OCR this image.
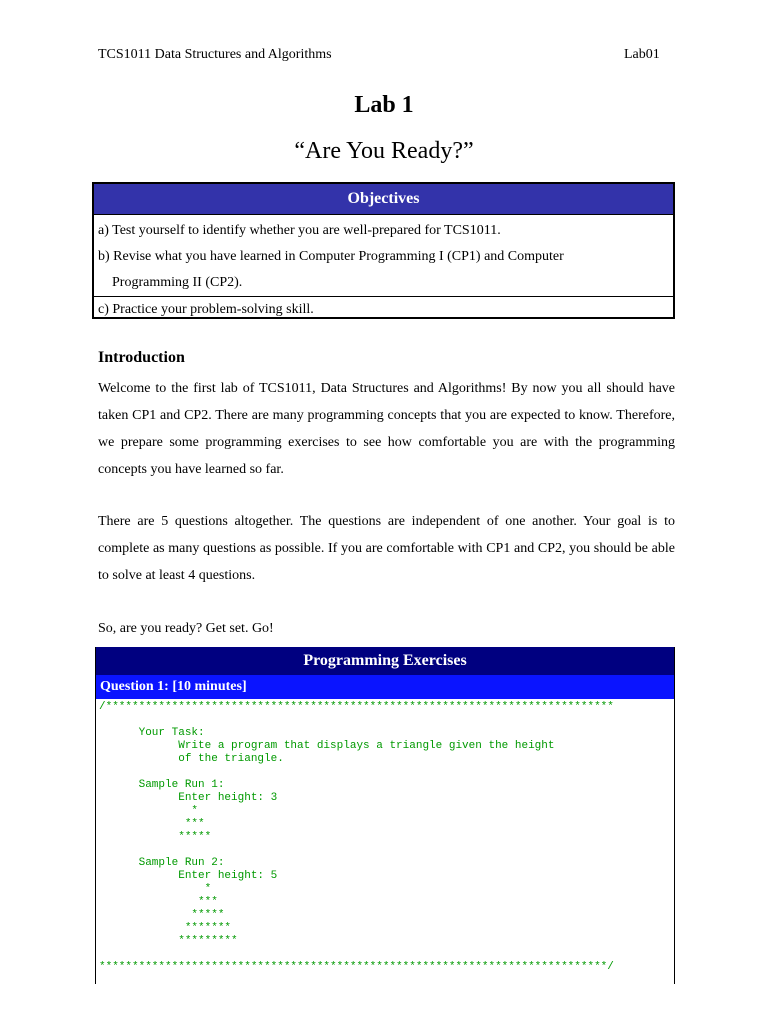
TCS1011 Data Structures and Algorithms	Lab01
Lab 1
“Are You Ready?”
Objectives
a) Test yourself to identify whether you are well-prepared for TCS1011.
b) Revise what you have learned in Computer Programming I (CP1) and Computer
Programming II (CP2).
c) Practice your problem-solving skill.
Introduction
Welcome to the first lab of TCS1011, Data Structures and Algorithms! By now you all should have taken CP1 and CP2. There are many programming concepts that you are expected to know. Therefore, we prepare some programming exercises to see how comfortable you are with the programming concepts you have learned so far.
There are 5 questions altogether. The questions are independent of one another. Your goal is to complete as many questions as possible. If you are comfortable with CP1 and CP2, you should be able to solve at least 4 questions.
So, are you ready? Get set. Go!
Programming Exercises
Question 1: [10 minutes]
/*****************************************************************************

Your Task:
Write a program that displays a triangle given the height
of the triangle.

Sample Run 1:
Enter height: 3
*
***
*****

Sample Run 2:
Enter height: 5
*
***
*****
*******
*********

*****************************************************************************/
